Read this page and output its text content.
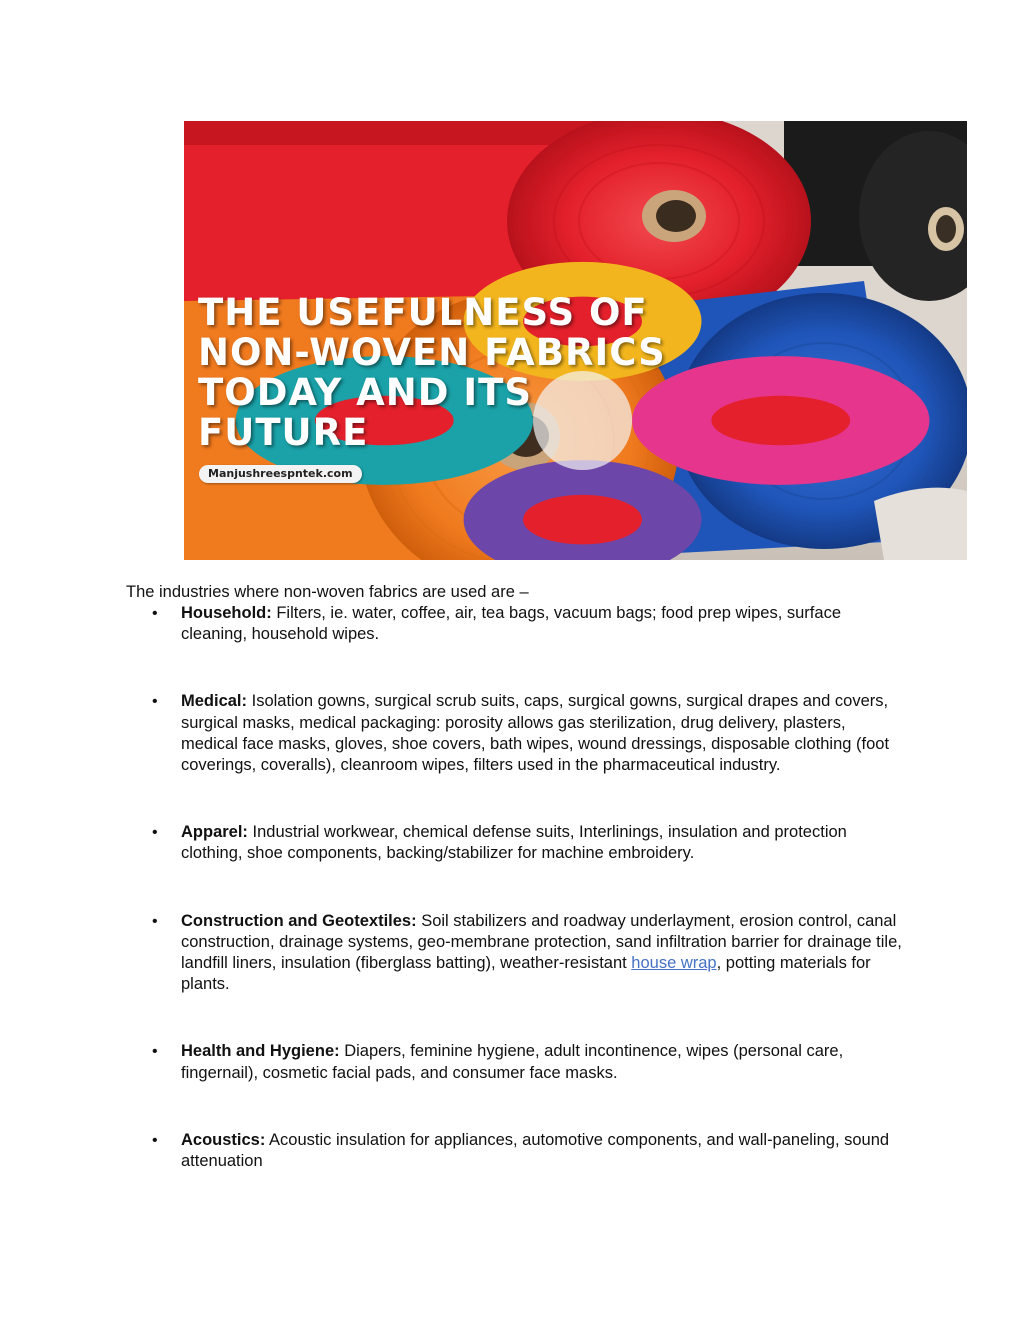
THE USEFULNESS OF
NON-WOVEN FABRICS
TODAY AND ITS
FUTURE
Manjushreespntek.com

The industries where non-woven fabrics are used are –

• Household: Filters, ie. water, coffee, air, tea bags, vacuum bags; food prep wipes, surface cleaning, household wipes.
• Medical: Isolation gowns, surgical scrub suits, caps, surgical gowns, surgical drapes and covers, surgical masks, medical packaging: porosity allows gas sterilization, drug delivery, plasters, medical face masks, gloves, shoe covers, bath wipes, wound dressings, disposable clothing (foot coverings, coveralls), cleanroom wipes, filters used in the pharmaceutical industry.
• Apparel: Industrial workwear, chemical defense suits, Interlinings, insulation and protection clothing, shoe components, backing/stabilizer for machine embroidery.
• Construction and Geotextiles: Soil stabilizers and roadway underlayment, erosion control, canal construction, drainage systems, geo-membrane protection, sand infiltration barrier for drainage tile, landfill liners, insulation (fiberglass batting), weather-resistant house wrap, potting materials for plants.
• Health and Hygiene: Diapers, feminine hygiene, adult incontinence, wipes (personal care, fingernail), cosmetic facial pads, and consumer face masks.
• Acoustics: Acoustic insulation for appliances, automotive components, and wall-paneling, sound attenuation
